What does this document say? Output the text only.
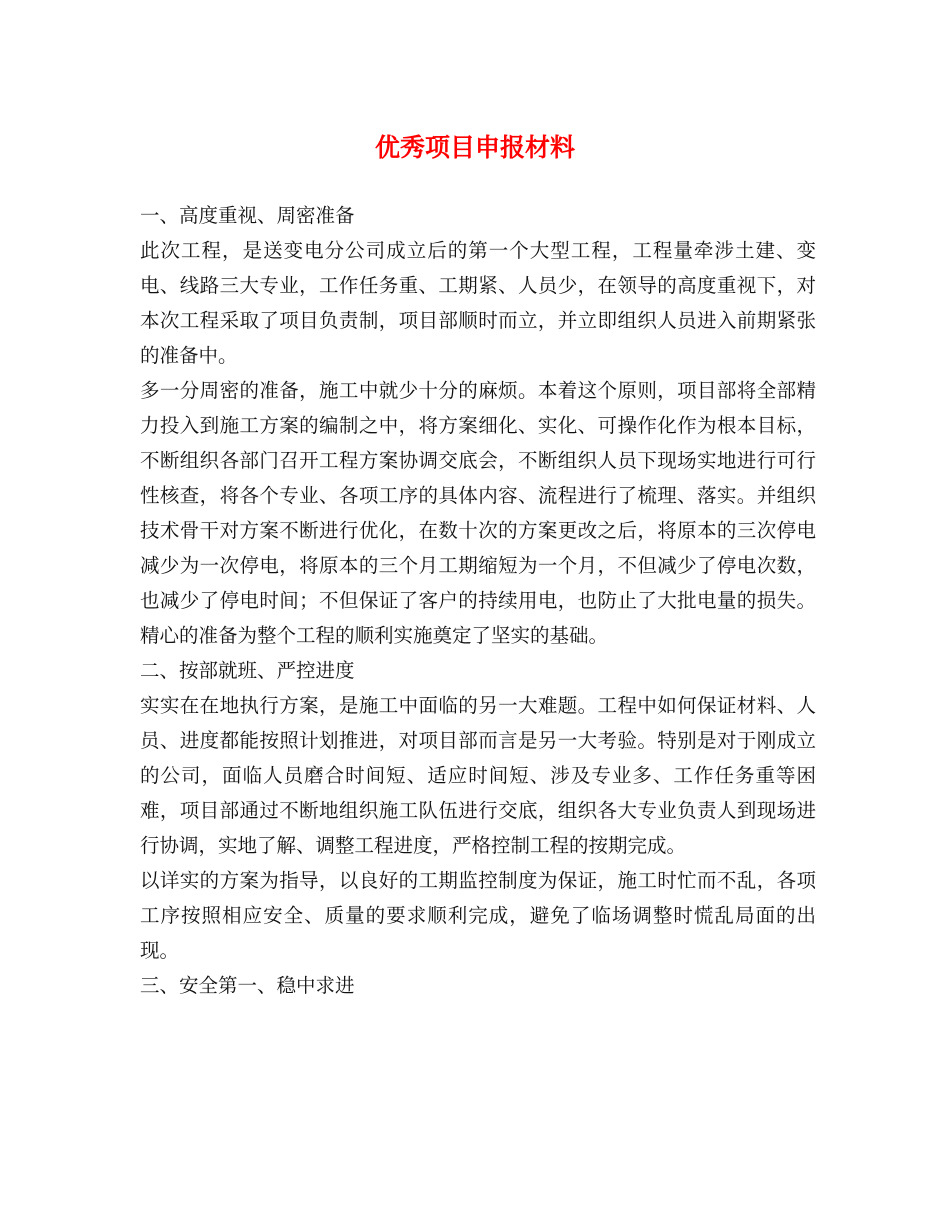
优秀项目申报材料

一、高度重视、周密准备

此次工程，是送变电分公司成立后的第一个大型工程，工程量牵涉土建、变电、线路三大专业，工作任务重、工期紧、人员少，在领导的高度重视下，对本次工程采取了项目负责制，项目部顺时而立，并立即组织人员进入前期紧张的准备中。

多一分周密的准备，施工中就少十分的麻烦。本着这个原则，项目部将全部精力投入到施工方案的编制之中，将方案细化、实化、可操作化作为根本目标，不断组织各部门召开工程方案协调交底会，不断组织人员下现场实地进行可行性核查，将各个专业、各项工序的具体内容、流程进行了梳理、落实。并组织技术骨干对方案不断进行优化，在数十次的方案更改之后，将原本的三次停电减少为一次停电，将原本的三个月工期缩短为一个月，不但减少了停电次数，也减少了停电时间；不但保证了客户的持续用电，也防止了大批电量的损失。精心的准备为整个工程的顺利实施奠定了坚实的基础。

二、按部就班、严控进度

实实在在地执行方案，是施工中面临的另一大难题。工程中如何保证材料、人员、进度都能按照计划推进，对项目部而言是另一大考验。特别是对于刚成立的公司，面临人员磨合时间短、适应时间短、涉及专业多、工作任务重等困难，项目部通过不断地组织施工队伍进行交底，组织各大专业负责人到现场进行协调，实地了解、调整工程进度，严格控制工程的按期完成。

以详实的方案为指导，以良好的工期监控制度为保证，施工时忙而不乱，各项工序按照相应安全、质量的要求顺利完成，避免了临场调整时慌乱局面的出现。

三、安全第一、稳中求进
